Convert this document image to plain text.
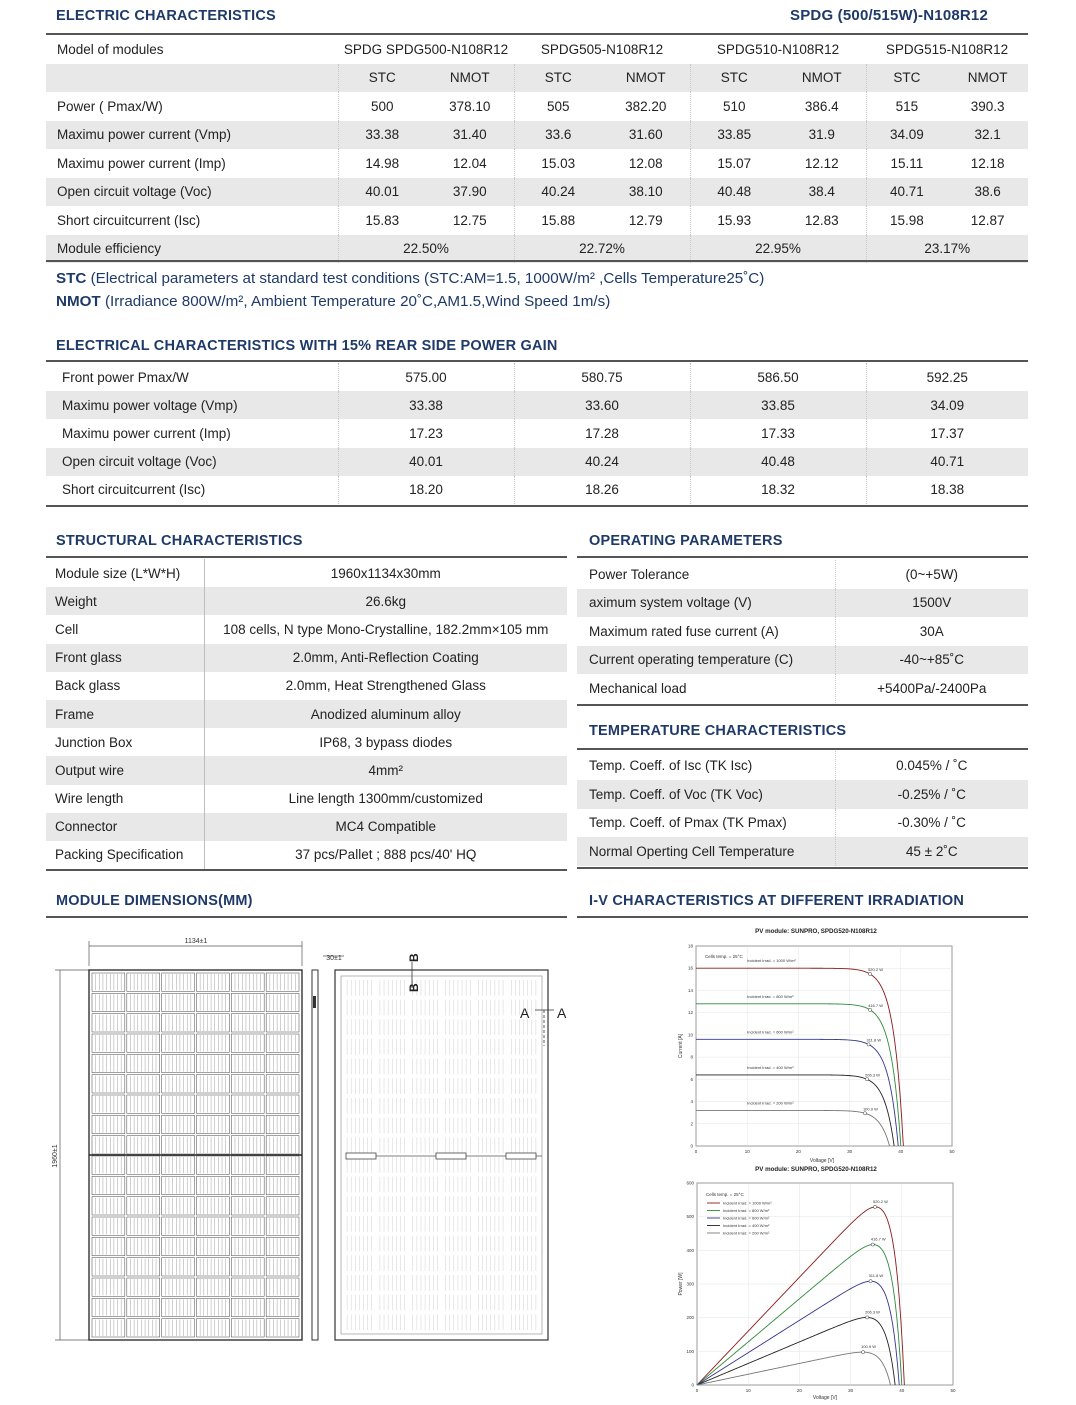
ELECTRIC CHARACTERISTICS	SPDG (500/515W)-N108R12
Model of modules	SPDG SPDG500-N108R12	SPDG505-N108R12	SPDG510-N108R12	SPDG515-N108R12

	STC NMOT	STC NMOT	STC NMOT	STC NMOT

Power ( Pmax/W)	500 378.10	505 382.20	510 386.4	515 390.3

Maximu power current (Vmp)	33.38 31.40	33.6 31.60	33.85 31.9	34.09 32.1

Maximu power current (Imp)	14.98 12.04	15.03 12.08	15.07 12.12	15.11 12.18

Open circuit voltage (Voc)	40.01 37.90	40.24 38.10	40.48 38.4	40.71 38.6

Short circuitcurrent (Isc)	15.83 12.75	15.88 12.79	15.93 12.83	15.98 12.87

Module efficiency	22.50%	22.72%	22.95%	23.17%
STC (Electrical parameters at standard test conditions (STC:AM=1.5, 1000W/m² ,Cells Temperature25˚C)
NMOT (Irradiance 800W/m², Ambient Temperature 20˚C,AM1.5,Wind Speed 1m/s)
ELECTRICAL CHARACTERISTICS WITH 15% REAR SIDE POWER GAIN
Front power Pmax/W	575.00	580.75	586.50	592.25
Maximu power voltage (Vmp)	33.38	33.60	33.85	34.09
Maximu power current (Imp)	17.23	17.28	17.33	17.37
Open circuit voltage (Voc)	40.01	40.24	40.48	40.71
Short circuitcurrent (Isc)	18.20	18.26	18.32	18.38
STRUCTURAL CHARACTERISTICS
Module size (L*W*H)	1960x1134x30mm
Weight	26.6kg
Cell	108 cells, N type Mono-Crystalline, 182.2mm×105 mm
Front glass	2.0mm, Anti-Reflection Coating
Back glass	2.0mm, Heat Strengthened Glass
Frame	Anodized aluminum alloy
Junction Box	IP68, 3 bypass diodes
Output wire	4mm²
Wire length	Line length 1300mm/customized
Connector	MC4 Compatible
Packing Specification	37 pcs/Pallet ; 888 pcs/40' HQ
OPERATING PARAMETERS
Power Tolerance	(0~+5W)
aximum system voltage (V)	1500V
Maximum rated fuse current (A)	30A
Current operating temperature (C)	-40~+85˚C
Mechanical load	+5400Pa/-2400Pa
TEMPERATURE CHARACTERISTICS
Temp. Coeff. of Isc (TK Isc)	0.045% / ˚C
Temp. Coeff. of Voc (TK Voc)	-0.25% / ˚C
Temp. Coeff. of Pmax (TK Pmax)	-0.30% / ˚C
Normal Operting Cell Temperature	45 ± 2˚C
MODULE DIMENSIONS(MM)
1134±1
1960±1
30±1	B
B
A A
I-V CHARACTERISTICS AT DIFFERENT IRRADIATION
PV module: SUNPRO, SPDG520-N108R12
0	10	20	30	40	50
0
2
4
6
8
10
12
14
16
18
520.2 W
Incident Irrad. = 1000 W/m²
416.7 W
Incident Irrad. = 800 W/m²
311.8 W
Incident Irrad. = 600 W/m²
206.3 W
Incident Irrad. = 400 W/m²
100.9 W
Incident Irrad. = 200 W/m²
Cells temp. = 25°C
Voltage [V]
Current [A]
PV module: SUNPRO, SPDG520-N108R12
0	10	20	30	40	50
0
100
200
300
400
500
600
520.2 W
416.7 W
311.8 W
206.3 W
100.9 W
Incident Irrad. = 1000 W/m²
Incident Irrad. = 800 W/m²
Incident Irrad. = 600 W/m²
Incident Irrad. = 400 W/m²
Incident Irrad. = 200 W/m²
Cells temp. = 25°C
Voltage [V]
Power [W]
